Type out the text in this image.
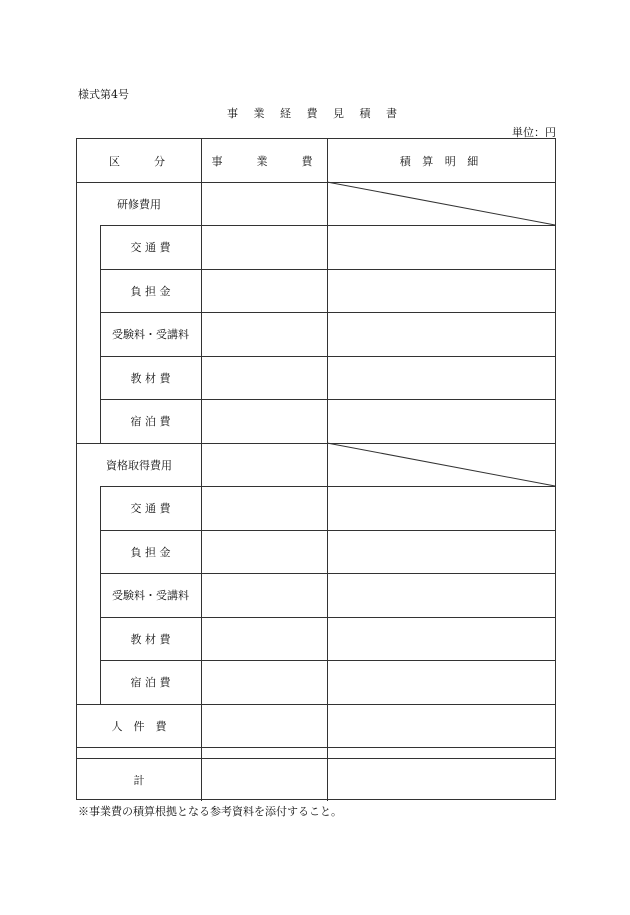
様式第4号
事 業 経 費 見 積 書
単位：円
区　　分	事　　業　　費	積 算 明 細
研修費用
交 通 費
負 担 金
受験料・受講料
教 材 費
宿 泊 費
資格取得費用
交 通 費
負 担 金
受験料・受講料
教 材 費
宿 泊 費
人　件　費
計
※事業費の積算根拠となる参考資料を添付すること。
